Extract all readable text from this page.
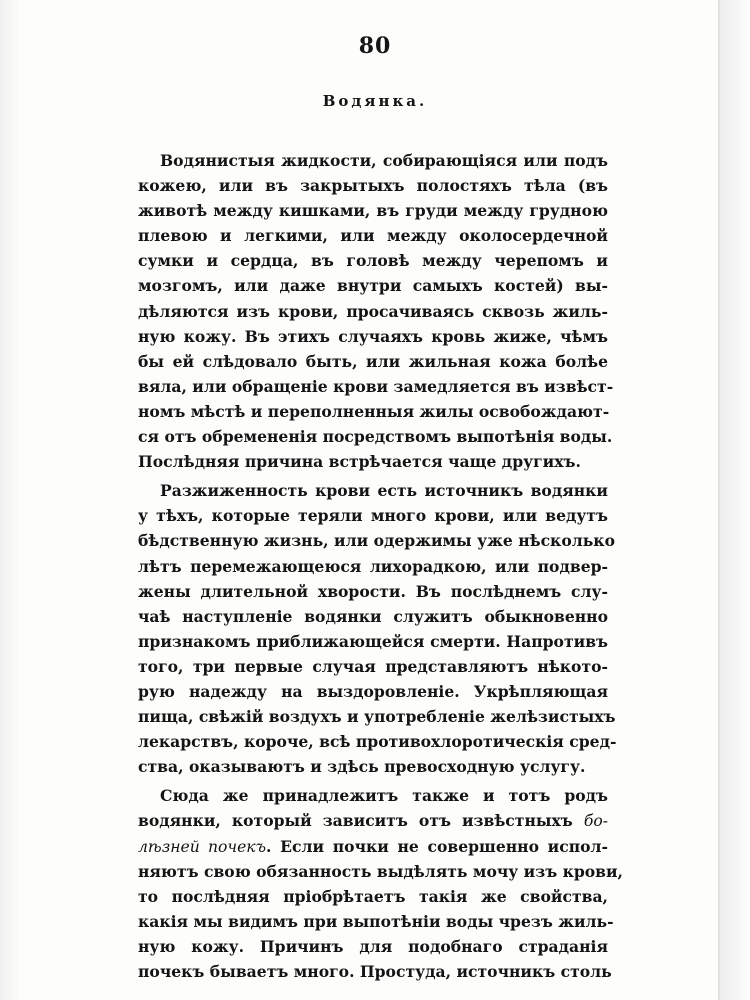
80
Водянка.
Водянистыя жидкости, собирающіяся или подъ
кожею, или въ закрытыхъ полостяхъ тѣла (въ
животѣ между кишками, въ груди между грудною
плевою и легкими, или между околосердечной
сумки и сердца, въ головѣ между черепомъ и
мозгомъ, или даже внутри самыхъ костей) вы-
дѣляются изъ крови, просачиваясь сквозь жиль-
ную кожу. Въ этихъ случаяхъ кровь жиже, чѣмъ
бы ей слѣдовало быть, или жильная кожа болѣе
вяла, или обращеніе крови замедляется въ извѣст-
номъ мѣстѣ и переполненныя жилы освобождают-
ся отъ обремененія посредствомъ выпотѣнія воды.
Послѣдняя причина встрѣчается чаще другихъ.
Разжиженность крови есть источникъ водянки
у тѣхъ, которые теряли много крови, или ведутъ
бѣдственную жизнь, или одержимы уже нѣсколько
лѣтъ перемежающеюся лихорадкою, или подвер-
жены длительной хворости. Въ послѣднемъ слу-
чаѣ наступленіе водянки служитъ обыкновенно
признакомъ приближающейся смерти. Напротивъ
того, три первые случая представляютъ нѣкото-
рую надежду на выздоровленіе. Укрѣпляющая
пища, свѣжій воздухъ и употребленіе желѣзистыхъ
лекарствъ, короче, всѣ противохлоротическія сред-
ства, оказываютъ и здѣсь превосходную услугу.
Сюда же принадлежитъ также и тотъ родъ
водянки, который зависитъ отъ извѣстныхъ бо-
лѣзней почекъ. Если почки не совершенно испол-
няютъ свою обязанность выдѣлять мочу изъ крови,
то послѣдняя пріобрѣтаетъ такія же свойства,
какія мы видимъ при выпотѣніи воды чрезъ жиль-
ную кожу. Причинъ для подобнаго страданія
почекъ бываетъ много. Простуда, источникъ столь
